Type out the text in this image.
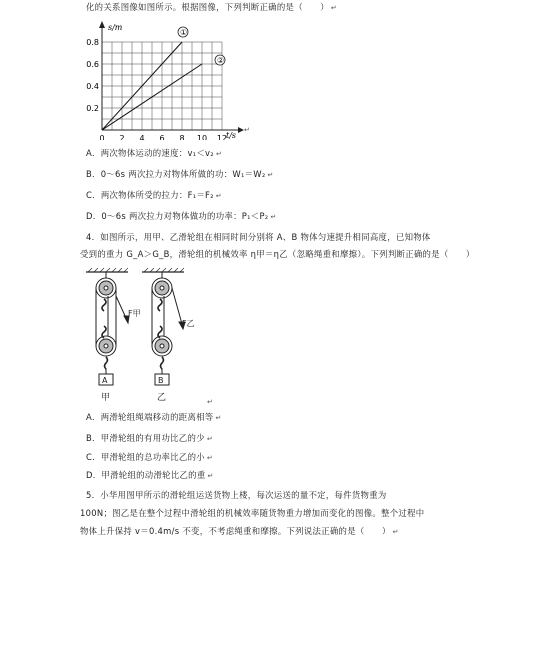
化的关系图像如图所示。根据图像，下列判断正确的是（　　） ↵
s/m
t/s
0.8
0.6
0.4
0.2
0 2 4 6 8 10 12
①
②
↵
A．两次物体运动的速度：v₁＜v₂ ↵
B．0～6s 两次拉力对物体所做的功：W₁＝W₂ ↵
C．两次物体所受的拉力：F₁＝F₂ ↵
D．0～6s 两次拉力对物体做功的功率：P₁＜P₂ ↵
4．如图所示，用甲、乙滑轮组在相同时间分别将 A、B 物体匀速提升相同高度，已知物体
受到的重力 G_A＞G_B，滑轮组的机械效率 η甲＝η乙（忽略绳重和摩擦）。下列判断正确的是（　　）
F甲
A
甲
F乙
B
乙	↵
A．两滑轮组绳端移动的距离相等 ↵
B．甲滑轮组的有用功比乙的少 ↵
C．甲滑轮组的总功率比乙的小 ↵
D．甲滑轮组的动滑轮比乙的重 ↵
5．小华用图甲所示的滑轮组运送货物上楼，每次运送的量不定，每件货物重为
100N；图乙是在整个过程中滑轮组的机械效率随货物重力增加而变化的图像。整个过程中
物体上升保持 v＝0.4m/s 不变，不考虑绳重和摩擦。下列说法正确的是（　　） ↵
